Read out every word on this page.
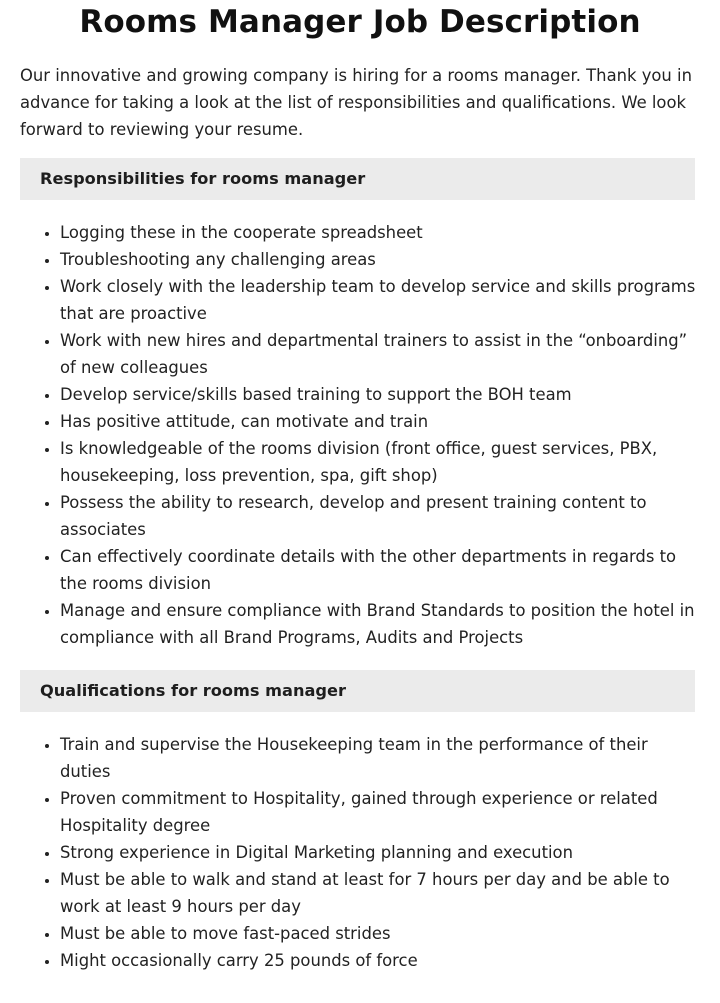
Rooms Manager Job Description

Our innovative and growing company is hiring for a rooms manager. Thank you in advance for taking a look at the list of responsibilities and qualifications. We look forward to reviewing your resume.

Responsibilities for rooms manager
• Logging these in the cooperate spreadsheet
• Troubleshooting any challenging areas
• Work closely with the leadership team to develop service and skills programs that are proactive
• Work with new hires and departmental trainers to assist in the “onboarding” of new colleagues
• Develop service/skills based training to support the BOH team
• Has positive attitude, can motivate and train
• Is knowledgeable of the rooms division (front office, guest services, PBX, housekeeping, loss prevention, spa, gift shop)
• Possess the ability to research, develop and present training content to associates
• Can effectively coordinate details with the other departments in regards to the rooms division
• Manage and ensure compliance with Brand Standards to position the hotel in compliance with all Brand Programs, Audits and Projects
Qualifications for rooms manager
• Train and supervise the Housekeeping team in the performance of their duties
• Proven commitment to Hospitality, gained through experience or related Hospitality degree
• Strong experience in Digital Marketing planning and execution
• Must be able to walk and stand at least for 7 hours per day and be able to work at least 9 hours per day
• Must be able to move fast-paced strides
• Might occasionally carry 25 pounds of force
